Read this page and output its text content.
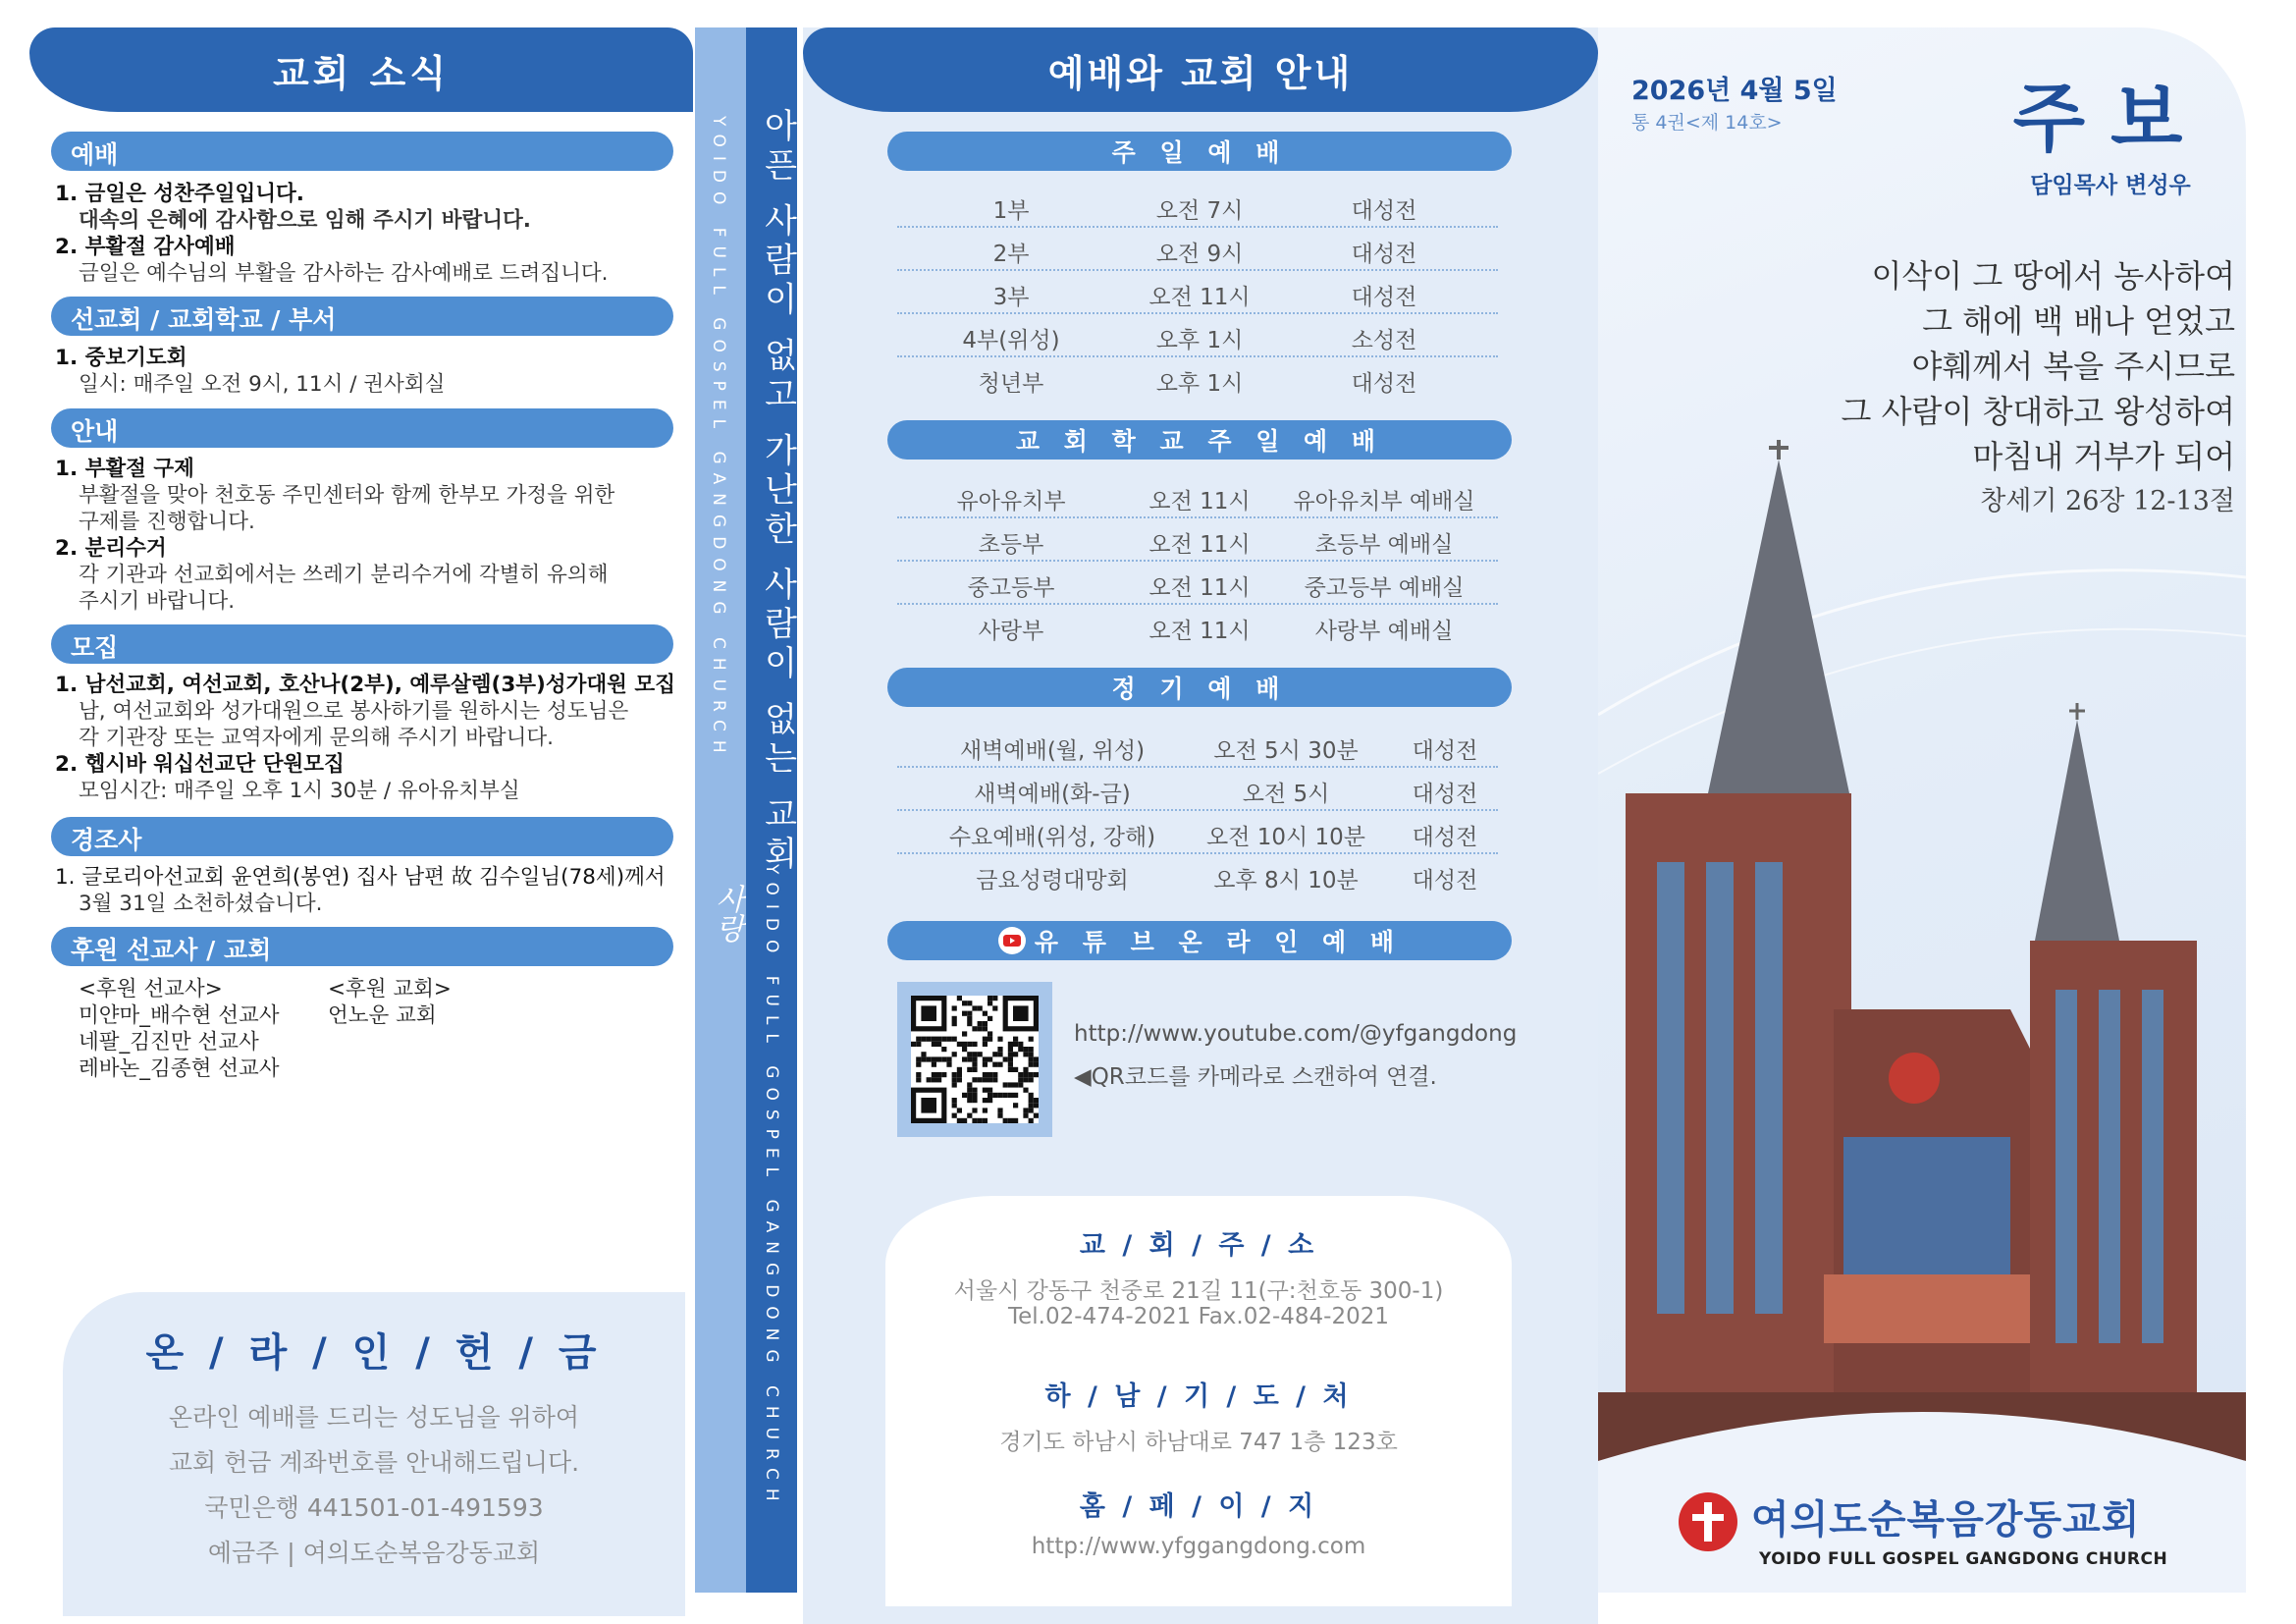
교회 소식
예배
1. 금일은 성찬주일입니다.
대속의 은혜에 감사함으로 임해 주시기 바랍니다.
2. 부활절 감사예배
금일은 예수님의 부활을 감사하는 감사예배로 드려집니다.
선교회 / 교회학교 / 부서
1. 중보기도회
일시: 매주일 오전 9시, 11시 / 권사회실
안내
1. 부활절 구제
부활절을 맞아 천호동 주민센터와 함께 한부모 가정을 위한
구제를 진행합니다.
2. 분리수거
각 기관과 선교회에서는 쓰레기 분리수거에 각별히 유의해
주시기 바랍니다.
모집
1. 남선교회, 여선교회, 호산나(2부), 예루살렘(3부)성가대원 모집
남, 여선교회와 성가대원으로 봉사하기를 원하시는 성도님은
각 기관장 또는 교역자에게 문의해 주시기 바랍니다.
2. 헵시바 워십선교단 단원모집
모임시간: 매주일 오후 1시 30분 / 유아유치부실
경조사
1. 글로리아선교회 윤연희(봉연) 집사 남편 故 김수일님(78세)께서
3월 31일 소천하셨습니다.
후원 선교사 / 교회
<후원 선교사>
미얀마_배수현 선교사
네팔_김진만 선교사
레바논_김종현 선교사
<후원 교회>
언노운 교회
온 / 라 / 인 / 헌 / 금
온라인 예배를 드리는 성도님을 위하여
교회 헌금 계좌번호를 안내해드립니다.
국민은행 441501-01-491593
예금주 | 여의도순복음강동교회
YOIDO FULL GOSPEL GANGDONG CHURCH
사랑
아픈 사람이 없고 가난한 사람이 없는 교회
YOIDO FULL GOSPEL GANGDONG CHURCH
예배와 교회 안내
주 일 예 배
1부	오전 7시	대성전
2부	오전 9시	대성전
3부	오전 11시	대성전
4부(위성)	오후 1시	소성전
청년부	오후 1시	대성전
교 회 학 교 주 일 예 배
유아유치부	오전 11시 유아유치부 예배실
초등부	오전 11시	초등부 예배실
중고등부	오전 11시 중고등부 예배실
사랑부	오전 11시	사랑부 예배실
정 기 예 배
새벽예배(월, 위성)	오전 5시 30분 대성전
새벽예배(화-금)	오전 5시	대성전
수요예배(위성, 강해) 오전 10시 10분 대성전
금요성령대망회	오후 8시 10분 대성전
유 튜 브 온 라 인 예 배
http://www.youtube.com/@yfgangdong
◀QR코드를 카메라로 스캔하여 연결.
교 / 회 / 주 / 소
서울시 강동구 천중로 21길 11(구:천호동 300-1)
Tel.02-474-2021 Fax.02-484-2021
하 / 남 / 기 / 도 / 처
경기도 하남시 하남대로 747 1층 123호
홈 / 페 / 이 / 지
http://www.yfggangdong.com
2026년 4월 5일
통 4권<제 14호>	주보
담임목사 변성우
이삭이 그 땅에서 농사하여
그 해에 백 배나 얻었고
야훼께서 복을 주시므로
그 사람이 창대하고 왕성하여
마침내 거부가 되어
창세기 26장 12-13절
여의도순복음강동교회
YOIDO FULL GOSPEL GANGDONG CHURCH
